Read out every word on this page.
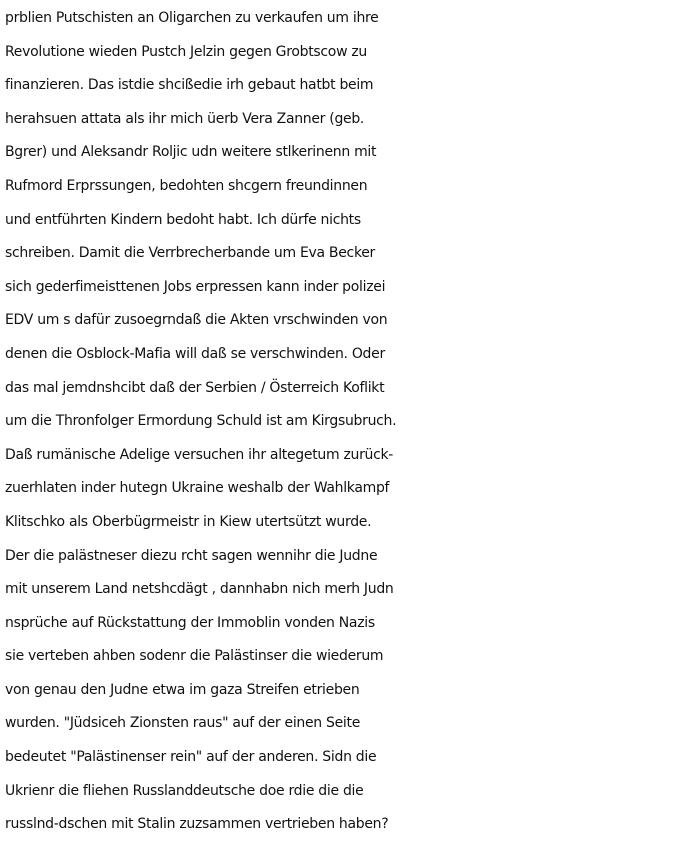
prblien Putschisten an Oligarchen zu verkaufen um ihre
Revolutione wieden Pustch Jelzin gegen Grobtscow zu
finanzieren. Das istdie shcißedie irh gebaut hatbt beim
herahsuen attata als ihr mich üerb Vera Zanner (geb.
Bgrer) und Aleksandr Roljic udn weitere stlkerinenn mit
Rufmord Erprssungen, bedohten shcgern freundinnen
und entführten Kindern bedoht habt. Ich dürfe nichts
schreiben. Damit die Verrbrecherbande um Eva Becker
sich gederfimeisttenen Jobs erpressen kann inder polizei
EDV um s dafür zusoegrndaß die Akten vrschwinden von
denen die Osblock-Mafia will daß se verschwinden. Oder
das mal jemdnshcibt daß der Serbien / Österreich Koflikt
um die Thronfolger Ermordung Schuld ist am Kirgsubruch.
Daß rumänische Adelige versuchen ihr altegetum zurück-
zuerhlaten inder hutegn Ukraine weshalb der Wahlkampf
Klitschko als Oberbügrmeistr in Kiew utertsützt wurde.
Der die palästneser diezu rcht sagen wennihr die Judne
mit unserem Land netshcdägt , dannhabn nich merh Judn
nsprüche auf Rückstattung der Immoblin vonden Nazis
sie verteben ahben sodenr die Palästinser die wiederum
von genau den Judne etwa im gaza Streifen etrieben
wurden. "Jüdsiceh Zionsten raus" auf der einen Seite
bedeutet "Palästinenser rein" auf der anderen. Sidn die
Ukrienr die fliehen Russlanddeutsche doe rdie die die
russlnd-dschen mit Stalin zuzsammen vertrieben haben?
